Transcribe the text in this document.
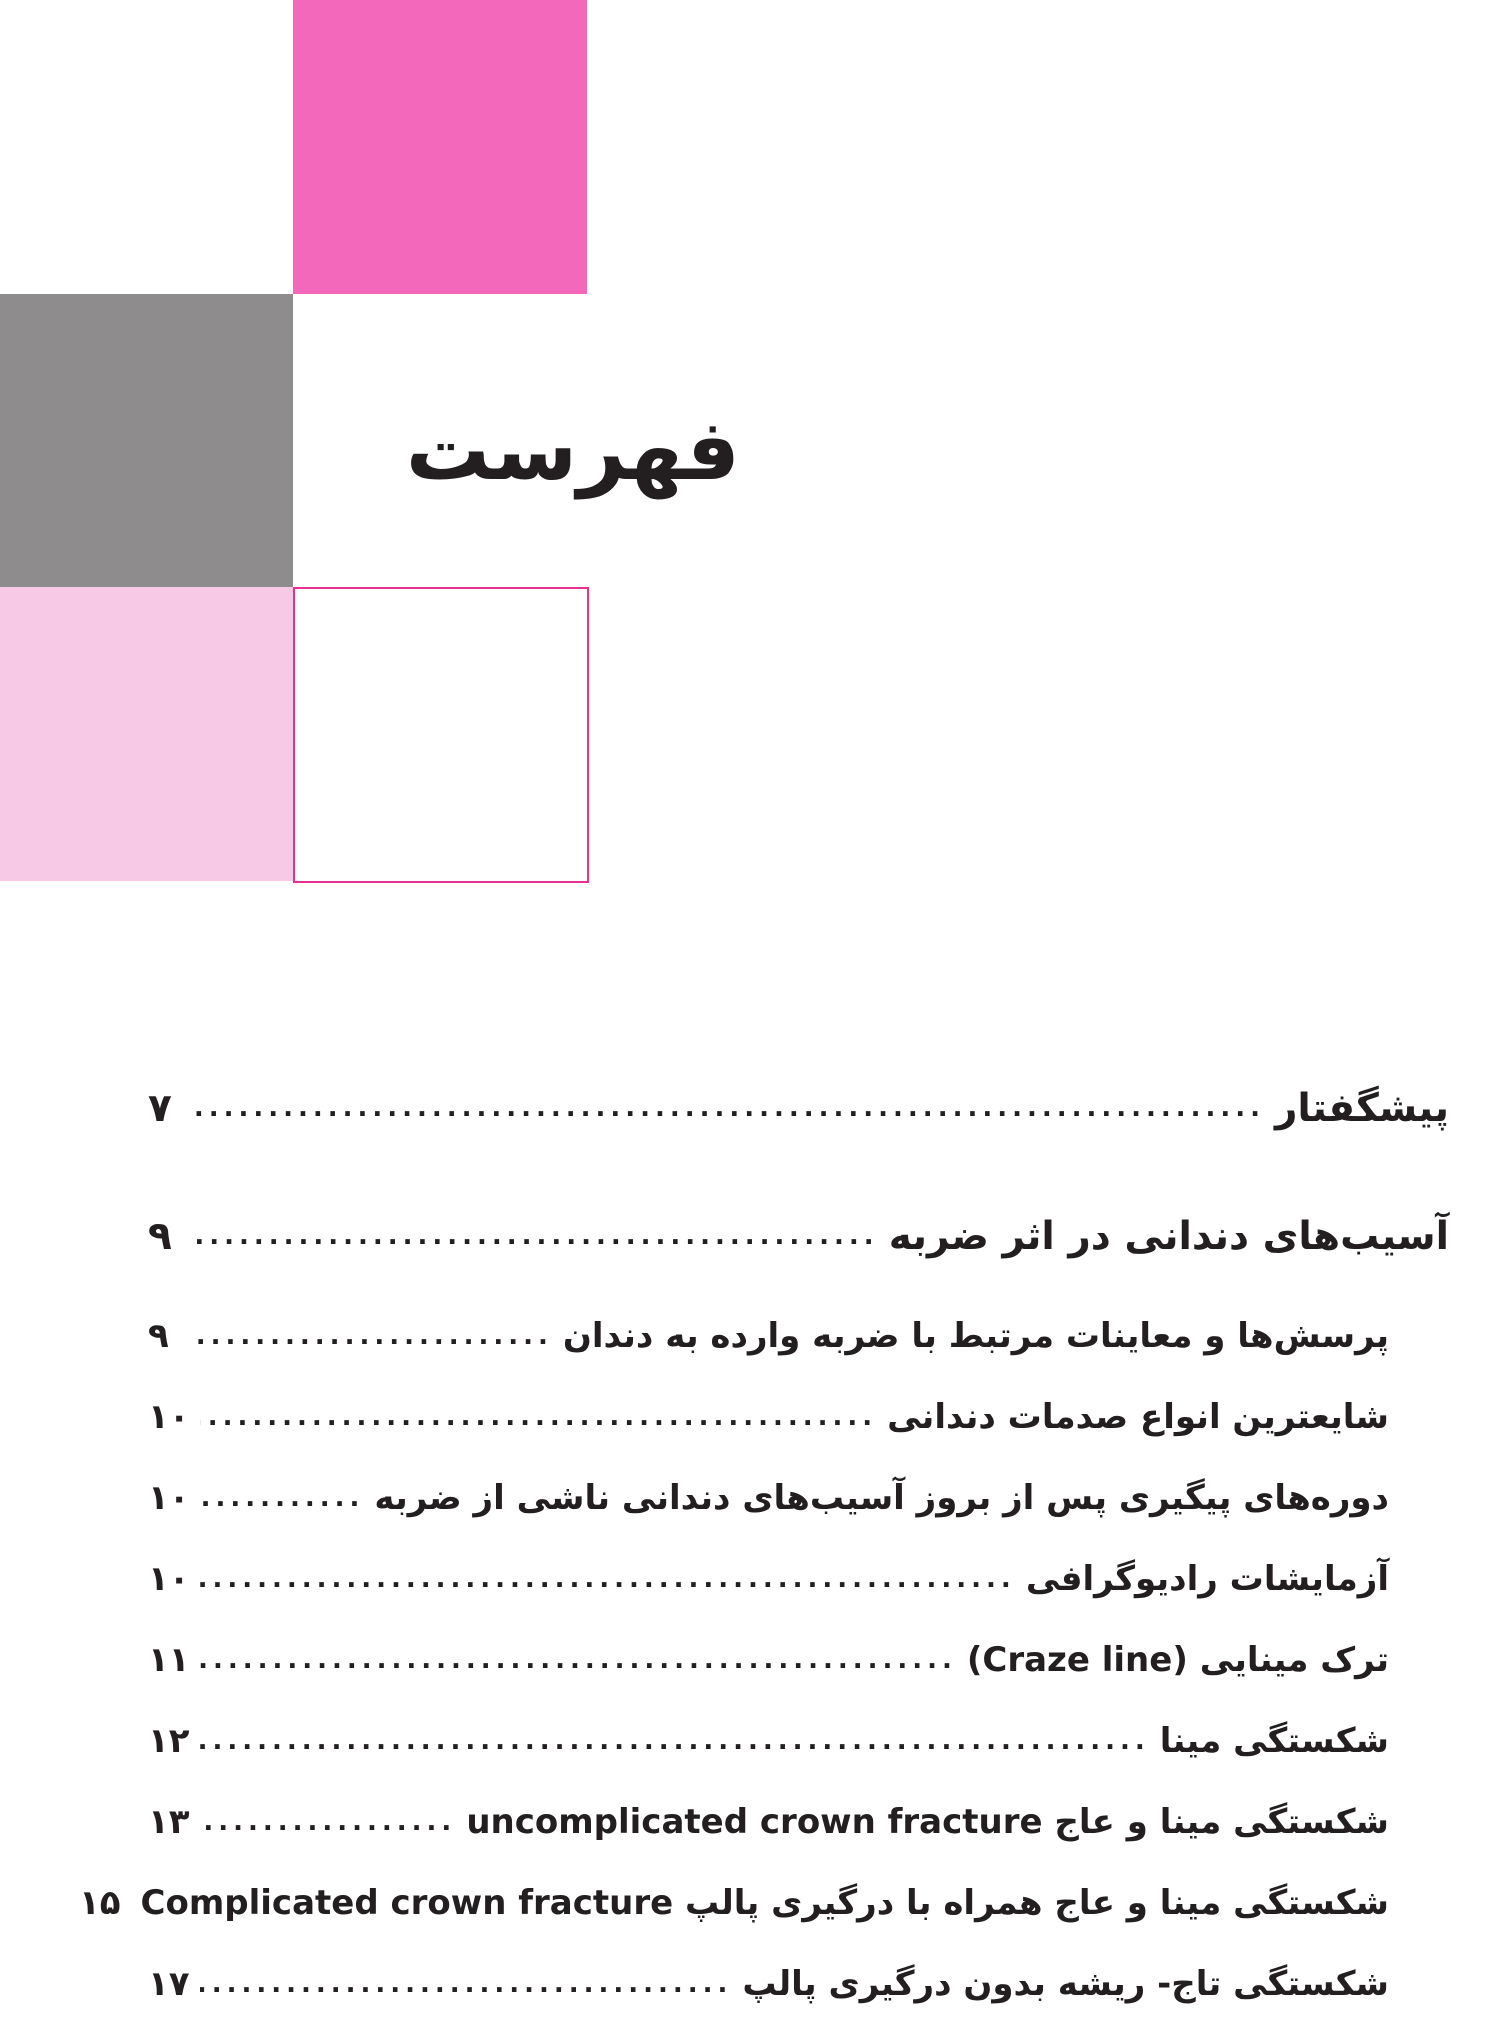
فهرست
پیشگفتار
.....
۷
آسیب‌های دندانی در اثر ضربه
.....
۹
پرسش‌ها و معاینات مرتبط با ضربه وارده به دندان
.....
۹
شایعترین انواع صدمات دندانی
.....
۱۰
دوره‌های پیگیری پس از بروز آسیب‌های دندانی ناشی از ضربه
.....
۱۰
آزمایشات رادیوگرافی
.....
۱۰
ترک مینایی (Craze line)
.....
۱۱
شکستگی مینا
.....
۱۲
شکستگی مینا و عاج uncomplicated crown fracture
.....
۱۳
شکستگی مینا و عاج همراه با درگیری پالپ Complicated crown fracture
۱۵
شکستگی تاج- ریشه بدون درگیری پالپ
.....
۱۷
